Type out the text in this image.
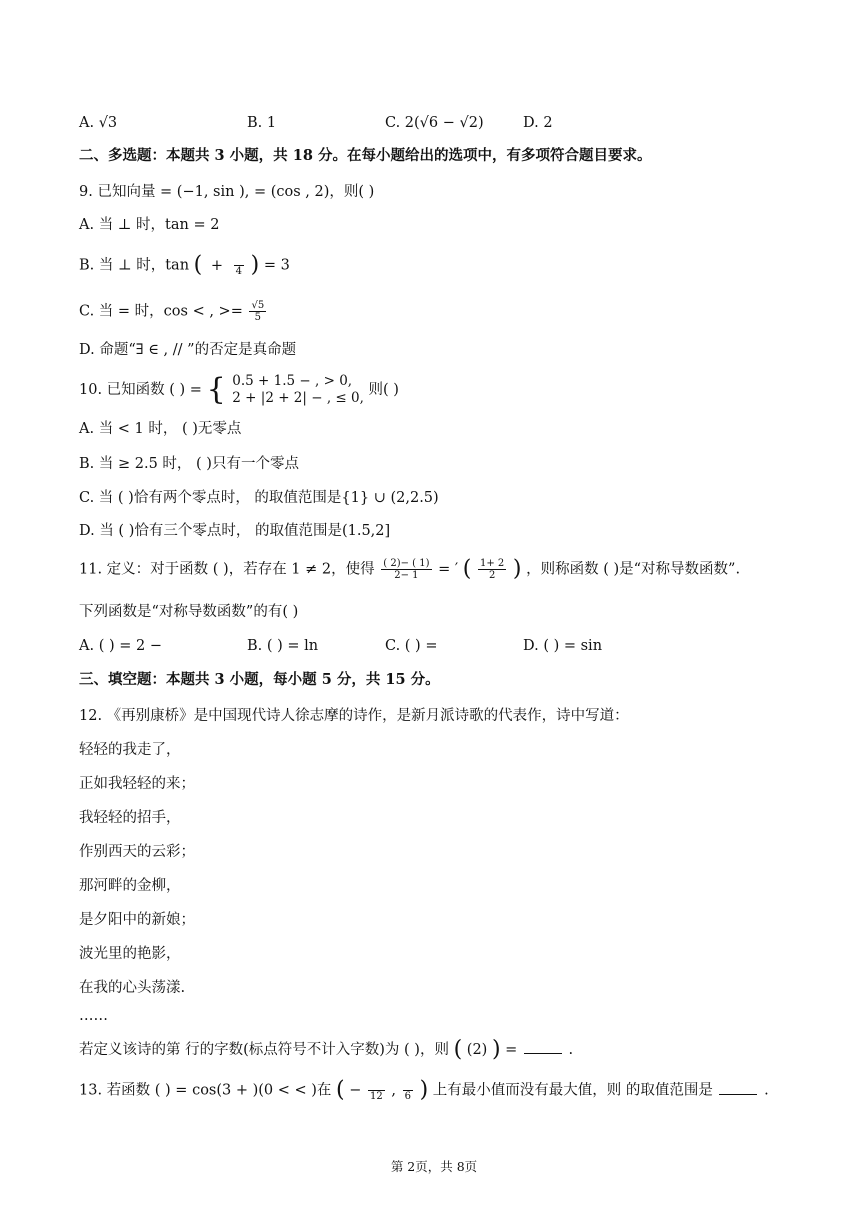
A. √3	B. 1	C. 2(√6 − √2)	D. 2
二、多选题：本题共 3 小题，共 18 分。在每小题给出的选项中，有多项符合题目要求。
9. 已知向量 = (−1, sin ), = (cos , 2)，则( )
A. 当 ⊥ 时，tan = 2
B. 当 ⊥ 时，tan ( +
4 ) = 3
C. 当 = 时，cos < , >= $\frac{√5}{5}$
D. 命题“∃ ∈ , // ”的否定是真命题
10. 已知函数 ( ) = { 0.5 + 1.5 − , > 0,
2 + |2 + 2| − , ≤ 0, 则( )
A. 当 < 1 时， ( )无零点
B. 当 ≥ 2.5 时， ( )只有一个零点
C. 当 ( )恰有两个零点时， 的取值范围是{1} ∪ (2,2.5)
D. 当 ( )恰有三个零点时， 的取值范围是(1.5,2]
11. 定义：对于函数 ( )，若存在 1 ≠ 2，使得 $\frac{( 2)- ( 1)}{2- 1}$ = ′ ( $\frac{1+ 2}{2}$ ) ，则称函数 ( )是“对称导数函数”.
下列函数是“对称导数函数”的有( )
A. ( ) = 2 −	B. ( ) = ln	C. ( ) =	D. ( ) = sin
三、填空题：本题共 3 小题，每小题 5 分，共 15 分。
12. 《再别康桥》是中国现代诗人徐志摩的诗作，是新月派诗歌的代表作，诗中写道：
轻轻的我走了，
正如我轻轻的来；
我轻轻的招手，
作别西天的云彩；
那河畔的金柳，
是夕阳中的新娘；
波光里的艳影，
在我的心头荡漾.
……
若定义该诗的第 行的字数(标点符号不计入字数)为 ( )，则 ( (2) ) =	.
13. 若函数 ( ) = cos(3 + )(0 < < )在 ( −
12 ,
6 ) 上有最小值而没有最大值，则 的取值范围是	.
第 2页，共 8页
